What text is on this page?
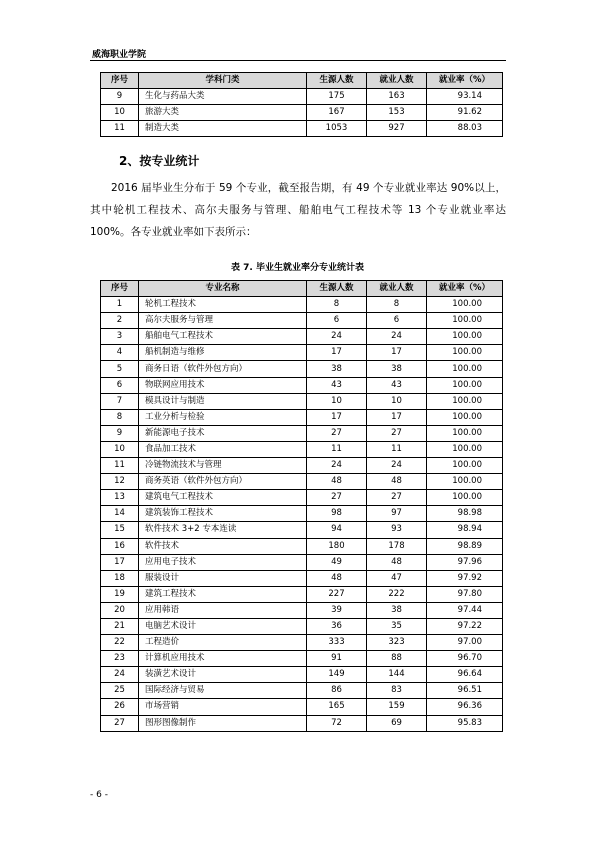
威海职业学院
序号	学科门类	生源人数	就业人数	就业率（%）
9	生化与药品大类	175	163	93.14
10	旅游大类	167	153	91.62
11	制造大类	1053	927	88.03
2、按专业统计

2016 届毕业生分布于 59 个专业，截至报告期，有 49 个专业就业率达 90%以上，其中轮机工程技术、高尔夫服务与管理、船舶电气工程技术等 13 个专业就业率达 100%。各专业就业率如下表所示：

表 7. 毕业生就业率分专业统计表
序号	专业名称	生源人数	就业人数	就业率（%）
1	轮机工程技术	8	8	100.00
2	高尔夫服务与管理	6	6	100.00
3	船舶电气工程技术	24	24	100.00
4	船机制造与维修	17	17	100.00
5	商务日语（软件外包方向）	38	38	100.00
6	物联网应用技术	43	43	100.00
7	模具设计与制造	10	10	100.00
8	工业分析与检验	17	17	100.00
9	新能源电子技术	27	27	100.00
10	食品加工技术	11	11	100.00
11	冷链物流技术与管理	24	24	100.00
12	商务英语（软件外包方向）	48	48	100.00
13	建筑电气工程技术	27	27	100.00
14	建筑装饰工程技术	98	97	98.98
15	软件技术 3+2 专本连读	94	93	98.94
16	软件技术	180	178	98.89
17	应用电子技术	49	48	97.96
18	服装设计	48	47	97.92
19	建筑工程技术	227	222	97.80
20	应用韩语	39	38	97.44
21	电脑艺术设计	36	35	97.22
22	工程造价	333	323	97.00
23	计算机应用技术	91	88	96.70
24	装潢艺术设计	149	144	96.64
25	国际经济与贸易	86	83	96.51
26	市场营销	165	159	96.36
27	图形图像制作	72	69	95.83
- 6 -
